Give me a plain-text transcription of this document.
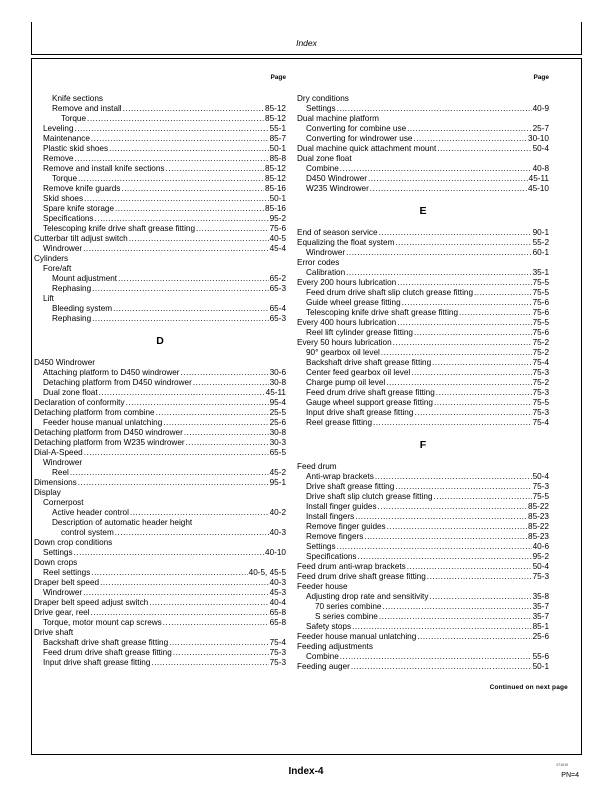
Index
Page
Knife sections
Remove and install .....	85-12
Torque .....	85-12
Leveling .....	55-1
Maintenance .....	85-7
Plastic skid shoes .....	50-1
Remove .....	85-8
Remove and install knife sections .....	85-12
Torque .....	85-12
Remove knife guards .....	85-16
Skid shoes .....	50-1
Spare knife storage .....	85-16
Specifications .....	95-2
Telescoping knife drive shaft grease fitting .....	75-6
Cutterbar tilt adjust switch .....	40-5
Windrower .....	45-4
Cylinders
Fore/aft
Mount adjustment .....	65-2
Rephasing .....	65-3
Lift
Bleeding system .....	65-4
Rephasing .....	65-3
D
D450 Windrower
Attaching platform to D450 windrower .....	30-6
Detaching platform from D450 windrower .....	30-8
Dual zone float .....	45-11
Declaration of conformity .....	95-4
Detaching platform from combine .....	25-5
Feeder house manual unlatching .....	25-6
Detaching platform from D450 windrower .....	30-8
Detaching platform from W235 windrower .....	30-3
Dial-A-Speed .....	65-5
Windrower
Reel .....	45-2
Dimensions .....	95-1
Display
Cornerpost
Active header control .....	40-2
Description of automatic header height
control system .....	40-3
Down crop conditions
Settings .....	40-10
Down crops
Reel settings .....	40-5, 45-5
Draper belt speed .....	40-3
Windrower .....	45-3
Draper belt speed adjust switch .....	40-4
Drive gear, reel .....	65-8
Torque, motor mount cap screws .....	65-8
Drive shaft
Backshaft drive shaft grease fitting .....	75-4
Feed drum drive shaft grease fitting .....	75-3
Input drive shaft grease fitting .....	75-3
Page
Dry conditions
Settings .....	40-9
Dual machine platform
Converting for combine use .....	25-7
Converting for windrower use .....	30-10
Dual machine quick attachment mount .....	50-4
Dual zone float
Combine .....	40-8
D450 Windrower .....	45-11
W235 Windrower .....	45-10
E
End of season service .....	90-1
Equalizing the float system .....	55-2
Windrower .....	60-1
Error codes
Calibration .....	35-1
Every 200 hours lubrication .....	75-5
Feed drum drive shaft slip clutch grease fitting .....	75-5
Guide wheel grease fitting .....	75-6
Telescoping knife drive shaft grease fitting .....	75-6
Every 400 hours lubrication .....	75-5
Reel lift cylinder grease fitting .....	75-6
Every 50 hours lubrication .....	75-2
90° gearbox oil level .....	75-2
Backshaft drive shaft grease fitting .....	75-4
Center feed gearbox oil level .....	75-3
Charge pump oil level .....	75-2
Feed drum drive shaft grease fitting .....	75-3
Gauge wheel support grease fitting .....	75-5
Input drive shaft grease fitting .....	75-3
Reel grease fitting .....	75-4
F
Feed drum
Anti-wrap brackets .....	50-4
Drive shaft grease fitting .....	75-3
Drive shaft slip clutch grease fitting .....	75-5
Install finger guides .....	85-22
Install fingers .....	85-23
Remove finger guides .....	85-22
Remove fingers .....	85-23
Settings .....	40-6
Specifications .....	95-2
Feed drum anti-wrap brackets .....	50-4
Feed drum drive shaft grease fitting .....	75-3
Feeder house
Adjusting drop rate and sensitivity .....	35-8
70 series combine .....	35-7
S series combine .....	35-7
Safety stops .....	85-1
Feeder house manual unlatching .....	25-6
Feeding adjustments
Combine .....	55-6
Feeding auger .....	50-1
Continued on next page
Index-4
071615
PN=4
